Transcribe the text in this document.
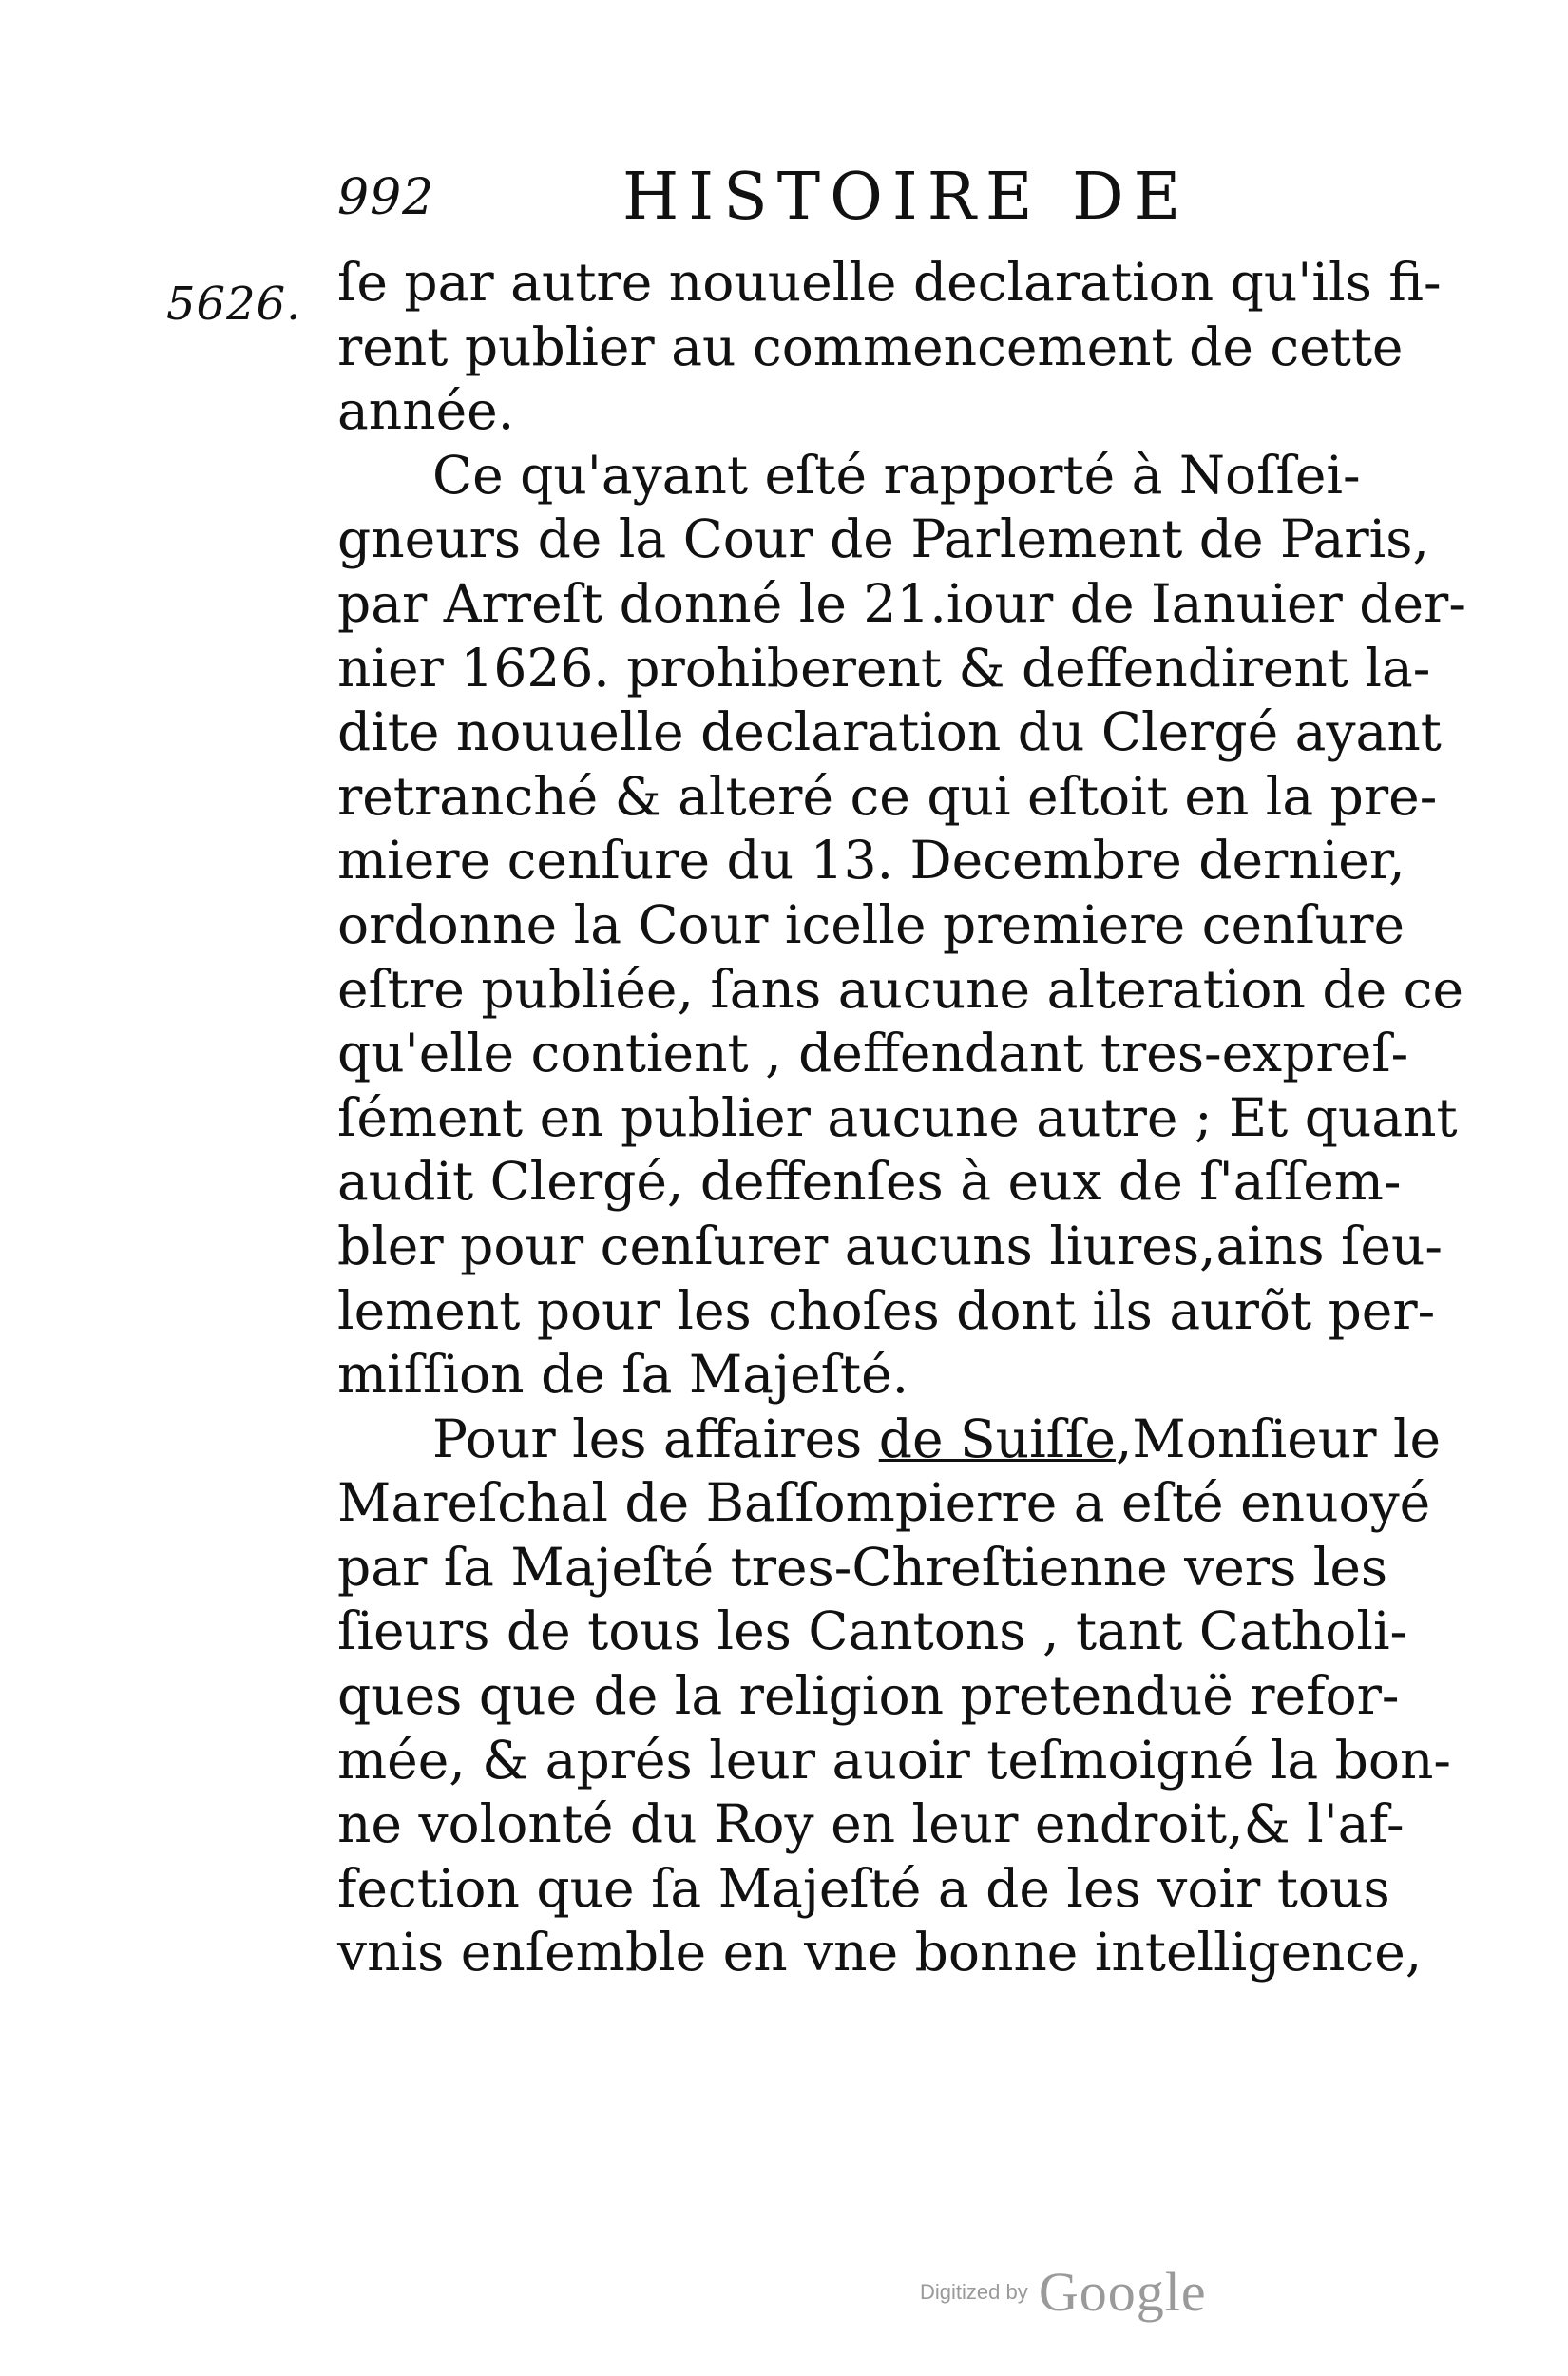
992	HISTOIRE DE
5626. ſe par autre nouuelle declaration qu'ils fi-
rent publier au commencement de cette
année.
Ce qu'ayant eſté rapporté à Noſſei-
gneurs de la Cour de Parlement de Paris,
par Arreſt donné le 21.iour de Ianuier der-
nier 1626. prohiberent & deffendirent la-
dite nouuelle declaration du Clergé ayant
retranché & alteré ce qui eſtoit en la pre-
miere cenſure du 13. Decembre dernier,
ordonne la Cour icelle premiere cenſure
eſtre publiée, ſans aucune alteration de ce
qu'elle contient , deffendant tres-expreſ-
ſément en publier aucune autre ; Et quant
audit Clergé, deffenſes à eux de ſ'aſſem-
bler pour cenſurer aucuns liures,ains ſeu-
lement pour les choſes dont ils aurõt per-
miſſion de ſa Majeſté.
Pour les affaires de Suiſſe,Monſieur le
Mareſchal de Baſſompierre a eſté enuoyé
par ſa Majeſté tres-Chreſtienne vers les
ſieurs de tous les Cantons , tant Catholi-
ques que de la religion pretenduë refor-
mée, & aprés leur auoir teſmoigné la bon-
ne volonté du Roy en leur endroit,& l'af-
fection que ſa Majeſté a de les voir tous
vnis enſemble en vne bonne intelligence,
Digitized by Google
